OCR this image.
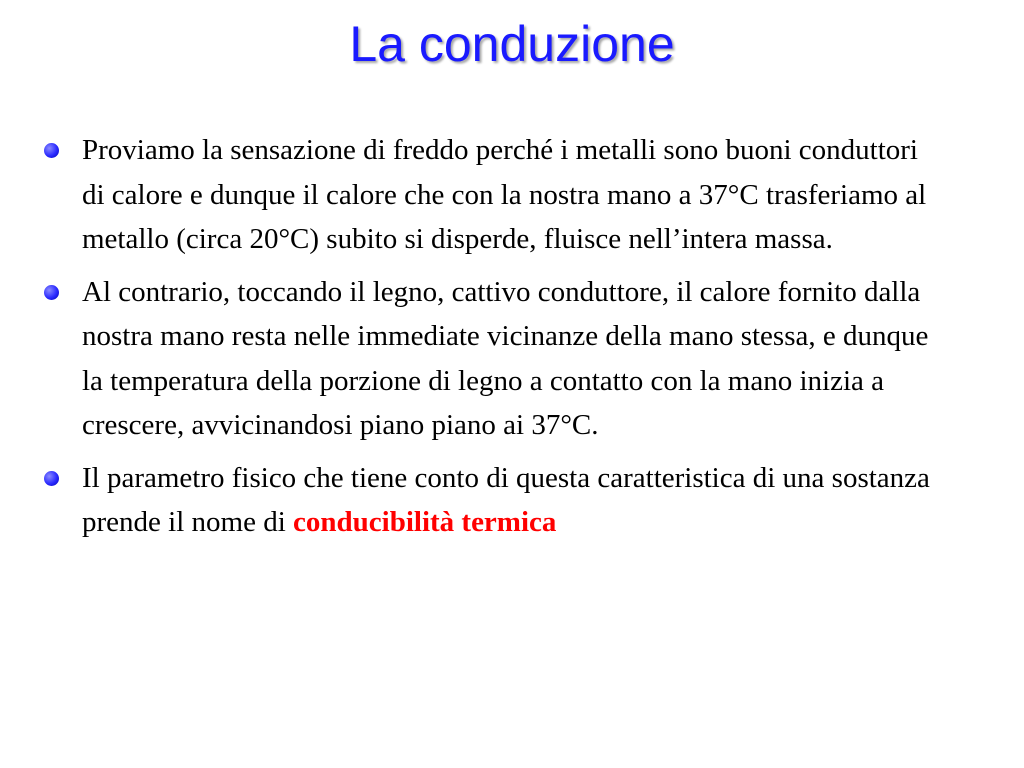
La conduzione
Proviamo la sensazione di freddo perché i metalli sono buoni conduttori di calore e dunque il calore che con la nostra mano a 37°C trasferiamo al metallo (circa 20°C) subito si disperde, fluisce nell’intera massa.
Al contrario, toccando il legno, cattivo conduttore, il calore fornito dalla nostra mano resta nelle immediate vicinanze della mano stessa, e dunque la temperatura della porzione di legno a contatto con la mano inizia a crescere, avvicinandosi piano piano ai 37°C.
Il parametro fisico che tiene conto di questa caratteristica di una sostanza prende il nome di conducibilità termica
